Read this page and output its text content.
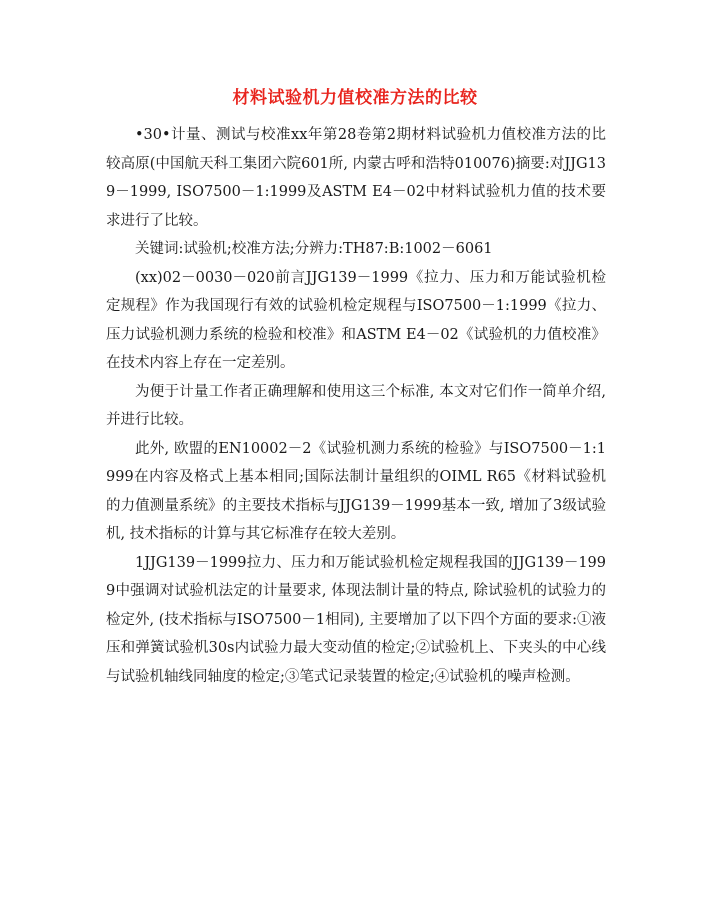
材料试验机力值校准方法的比较

•30•计量、测试与校准xx年第28卷第2期材料试验机力值校准方法的比较高原(中国航天科工集团六院601所, 内蒙古呼和浩特010076)摘要:对JJG139－1999, ISO7500－1:1999及ASTM E4－02中材料试验机力值的技术要求进行了比较。

关键词:试验机;校准方法;分辨力:TH87:B:1002－6061

(xx)02－0030－020前言JJG139－1999《拉力、压力和万能试验机检定规程》作为我国现行有效的试验机检定规程与ISO7500－1:1999《拉力、压力试验机测力系统的检验和校准》和ASTM E4－02《试验机的力值校准》在技术内容上存在一定差别。

为便于计量工作者正确理解和使用这三个标准, 本文对它们作一简单介绍, 并进行比较。

此外, 欧盟的EN10002－2《试验机测力系统的检验》与ISO7500－1:1999在内容及格式上基本相同;国际法制计量组织的OIML R65《材料试验机的力值测量系统》的主要技术指标与JJG139－1999基本一致, 增加了3级试验机, 技术指标的计算与其它标准存在较大差别。

1JJG139－1999拉力、压力和万能试验机检定规程我国的JJG139－1999中强调对试验机法定的计量要求, 体现法制计量的特点, 除试验机的试验力的检定外, (技术指标与ISO7500－1相同), 主要增加了以下四个方面的要求:①液压和弹簧试验机30s内试验力最大变动值的检定;②试验机上、下夹头的中心线与试验机轴线同轴度的检定;③笔式记录装置的检定;④试验机的噪声检测。
